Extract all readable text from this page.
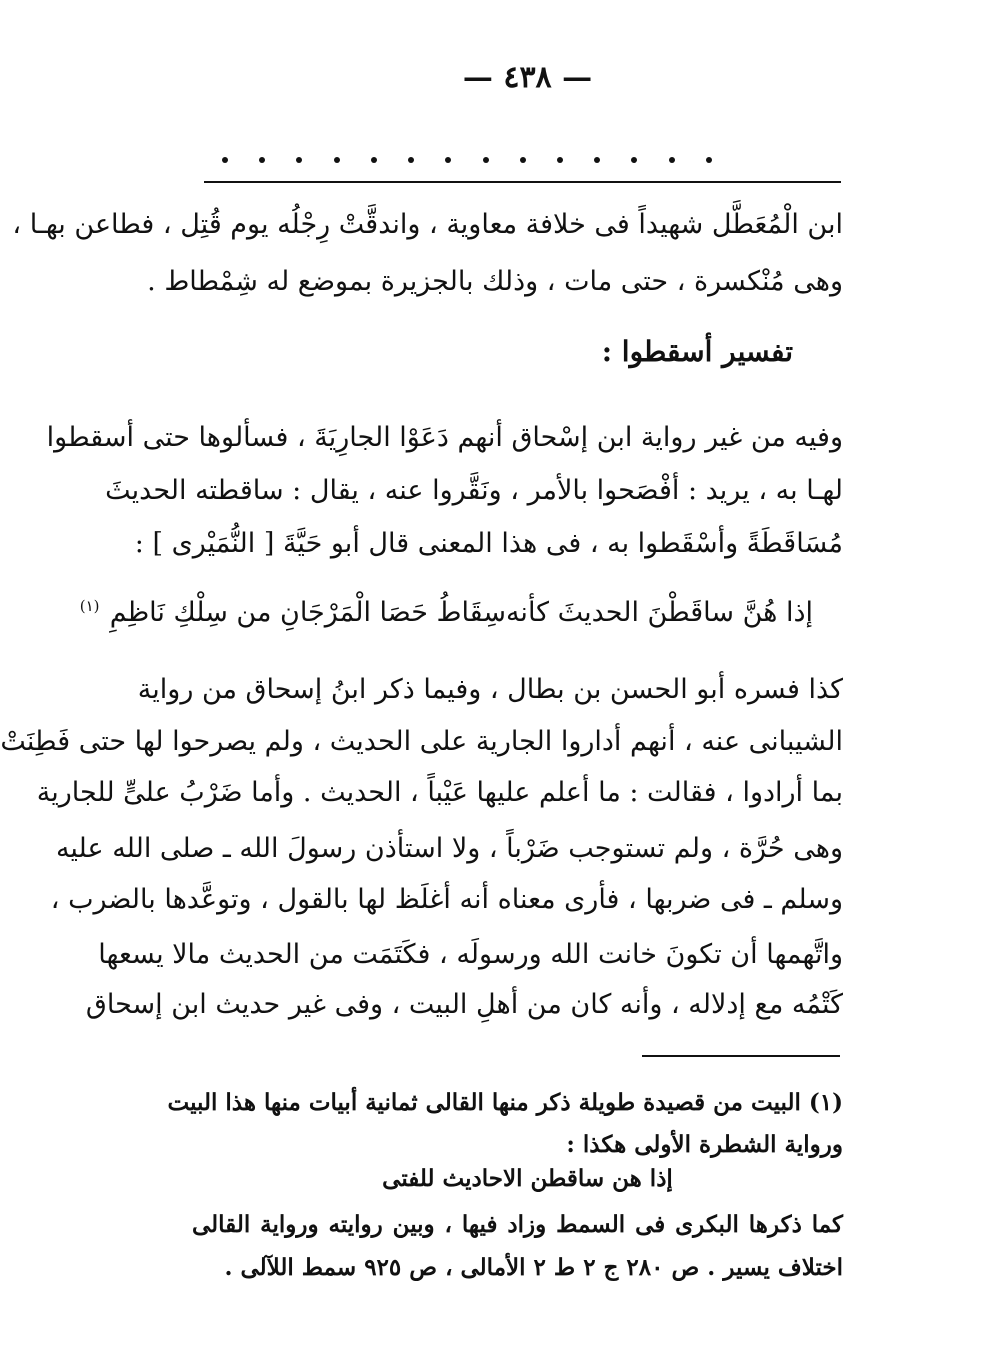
— ٤٣٨ —
ابن الْمُعَطَّل شهيداً فى خلافة معاوية ، واندقَّتْ رِجْلُه يوم قُتِل ، فطاعن بهـا ،
وهى مُنْكسرة ، حتى مات ، وذلك بالجزيرة بموضع له شِمْطاط .
تفسير أسقطوا :
وفيه من غير رواية ابن إسْحاق أنهم دَعَوْا الجارِيَةَ ، فسألوها حتى أسقطوا
لهـا به ، يريد : أفْصَحوا بالأمر ، ونَقَّروا عنه ، يقال : ساقطته الحديثَ
مُسَاقَطَةً وأسْقَطوا به ، فى هذا المعنى قال أبو حَيَّةَ [ النُّمَيْرى ] :
إذا هُنَّ ساقَطْنَ الحديثَ كأنه
سِقَاطُ حَصَا الْمَرْجَانِ من سِلْكِ نَاظِمِ
(١)
كذا فسره أبو الحسن بن بطال ، وفيما ذكر ابنُ إسحاق من رواية
الشيبانى عنه ، أنهم أداروا الجارية على الحديث ، ولم يصرحوا لها حتى فَطِنَتْ
بما أرادوا ، فقالت : ما أعلم عليها عَيْباً ، الحديث . وأما ضَرْبُ علىٍّ للجارية
وهى حُرَّة ، ولم تستوجب ضَرْباً ، ولا استأذن رسولَ الله ـ صلى الله عليه
وسلم ـ فى ضربها ، فأرى معناه أنه أغلَظ لها بالقول ، وتوعَّدها بالضرب ،
واتَّهمها أن تكونَ خانت الله ورسولَه ، فكَتَمَت من الحديث مالا يسعها
كَتْمُه مع إدلاله ، وأنه كان من أهلِ البيت ، وفى غير حديث ابن إسحاق
(١) البيت من قصيدة طويلة ذكر منها القالى ثمانية أبيات منها هذا البيت
ورواية الشطرة الأولى هكذا :
إذا هن ساقطن الاحاديث للفتى
كما ذكرها البكرى فى السمط وزاد فيها ، وبين روايته ورواية القالى
اختلاف يسير . ص ٢٨٠ ج ٢ ط ٢ الأمالى ، ص ٩٢٥ سمط اللآلى .
